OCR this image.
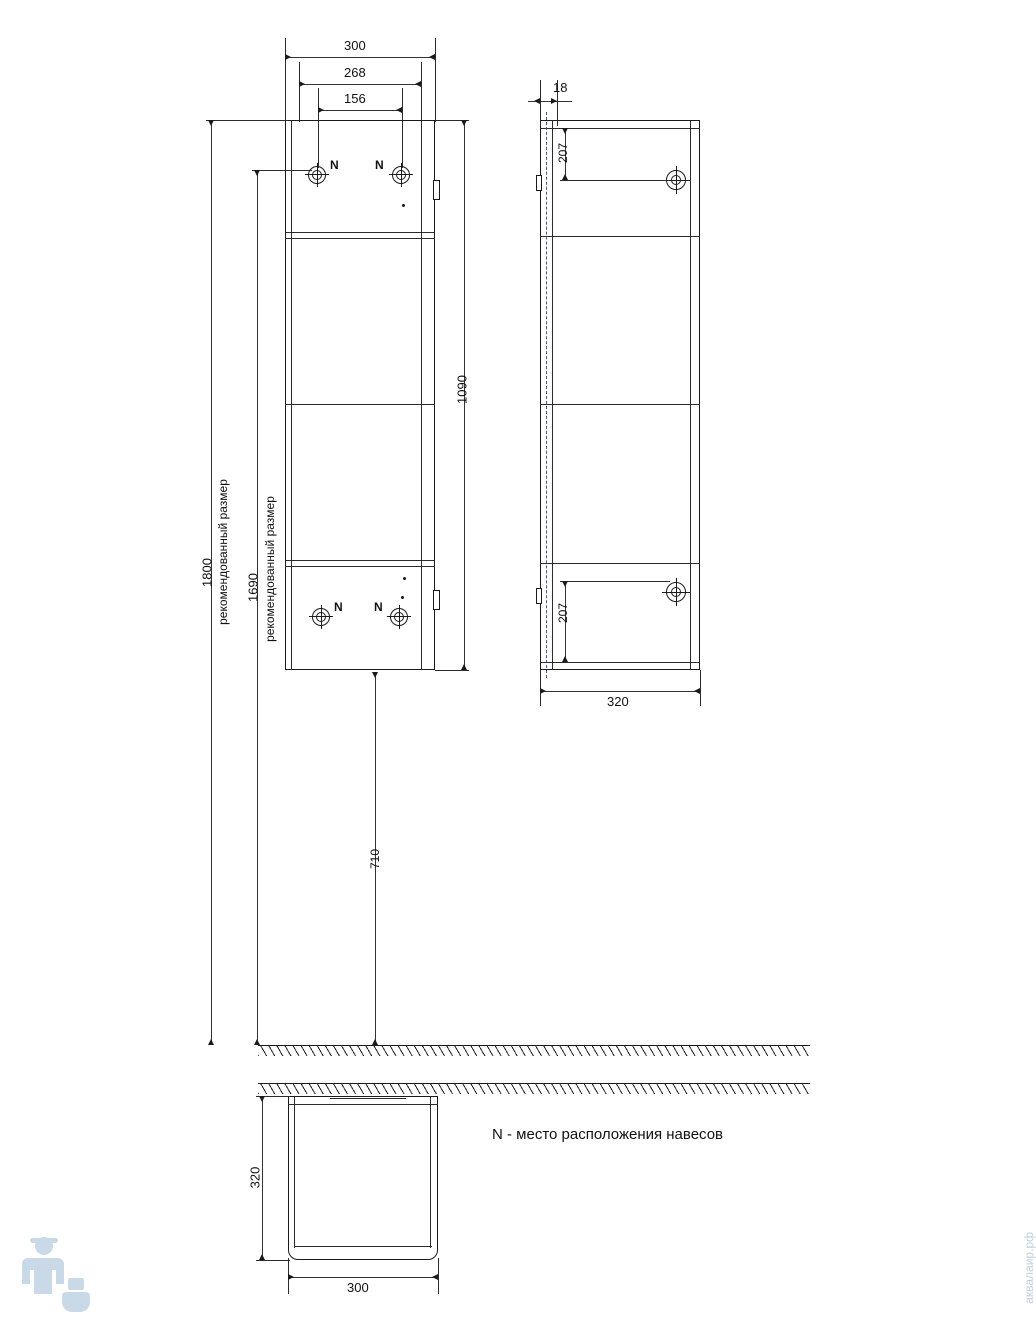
N	N
N	N
300
268
156
1090
1800 рекомендованный размер 1690 рекомендованный размер
710
18
207
207
320
320
300
N - место расположения навесов
аквалаир.рф
